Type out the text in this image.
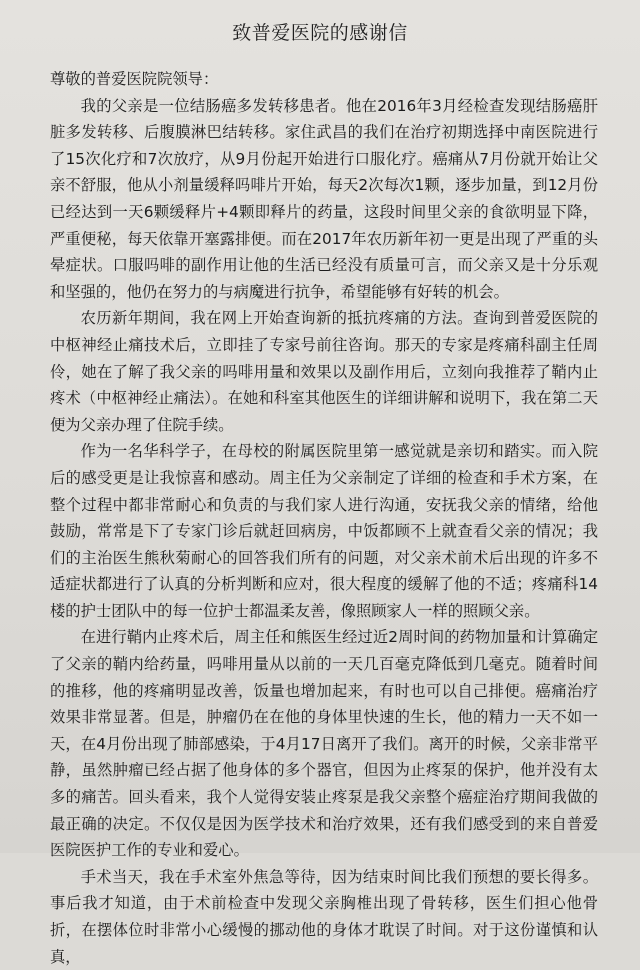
致普爱医院的感谢信

尊敬的普爱医院院领导：

我的父亲是一位结肠癌多发转移患者。他在2016年3月经检查发现结肠癌肝脏多发转移、后腹膜淋巴结转移。家住武昌的我们在治疗初期选择中南医院进行了15次化疗和7次放疗，从9月份起开始进行口服化疗。癌痛从7月份就开始让父亲不舒服，他从小剂量缓释吗啡片开始，每天2次每次1颗，逐步加量，到12月份已经达到一天6颗缓释片+4颗即释片的药量，这段时间里父亲的食欲明显下降，严重便秘，每天依靠开塞露排便。而在2017年农历新年初一更是出现了严重的头晕症状。口服吗啡的副作用让他的生活已经没有质量可言，而父亲又是十分乐观和坚强的，他仍在努力的与病魔进行抗争，希望能够有好转的机会。

农历新年期间，我在网上开始查询新的抵抗疼痛的方法。查询到普爱医院的中枢神经止痛技术后，立即挂了专家号前往咨询。那天的专家是疼痛科副主任周伶，她在了解了我父亲的吗啡用量和效果以及副作用后，立刻向我推荐了鞘内止疼术（中枢神经止痛法）。在她和科室其他医生的详细讲解和说明下，我在第二天便为父亲办理了住院手续。

作为一名华科学子，在母校的附属医院里第一感觉就是亲切和踏实。而入院后的感受更是让我惊喜和感动。周主任为父亲制定了详细的检查和手术方案，在整个过程中都非常耐心和负责的与我们家人进行沟通，安抚我父亲的情绪，给他鼓励，常常是下了专家门诊后就赶回病房，中饭都顾不上就查看父亲的情况；我们的主治医生熊秋菊耐心的回答我们所有的问题，对父亲术前术后出现的许多不适症状都进行了认真的分析判断和应对，很大程度的缓解了他的不适；疼痛科14楼的护士团队中的每一位护士都温柔友善，像照顾家人一样的照顾父亲。

在进行鞘内止疼术后，周主任和熊医生经过近2周时间的药物加量和计算确定了父亲的鞘内给药量，吗啡用量从以前的一天几百毫克降低到几毫克。随着时间的推移，他的疼痛明显改善，饭量也增加起来，有时也可以自己排便。癌痛治疗效果非常显著。但是，肿瘤仍在在他的身体里快速的生长，他的精力一天不如一天，在4月份出现了肺部感染，于4月17日离开了我们。离开的时候，父亲非常平静，虽然肿瘤已经占据了他身体的多个器官，但因为止疼泵的保护，他并没有太多的痛苦。回头看来，我个人觉得安装止疼泵是我父亲整个癌症治疗期间我做的最正确的决定。不仅仅是因为医学技术和治疗效果，还有我们感受到的来自普爱医院医护工作的专业和爱心。

手术当天，我在手术室外焦急等待，因为结束时间比我们预想的要长得多。事后我才知道，由于术前检查中发现父亲胸椎出现了骨转移，医生们担心他骨折，在摆体位时非常小心缓慢的挪动他的身体才耽误了时间。对于这份谨慎和认真，
